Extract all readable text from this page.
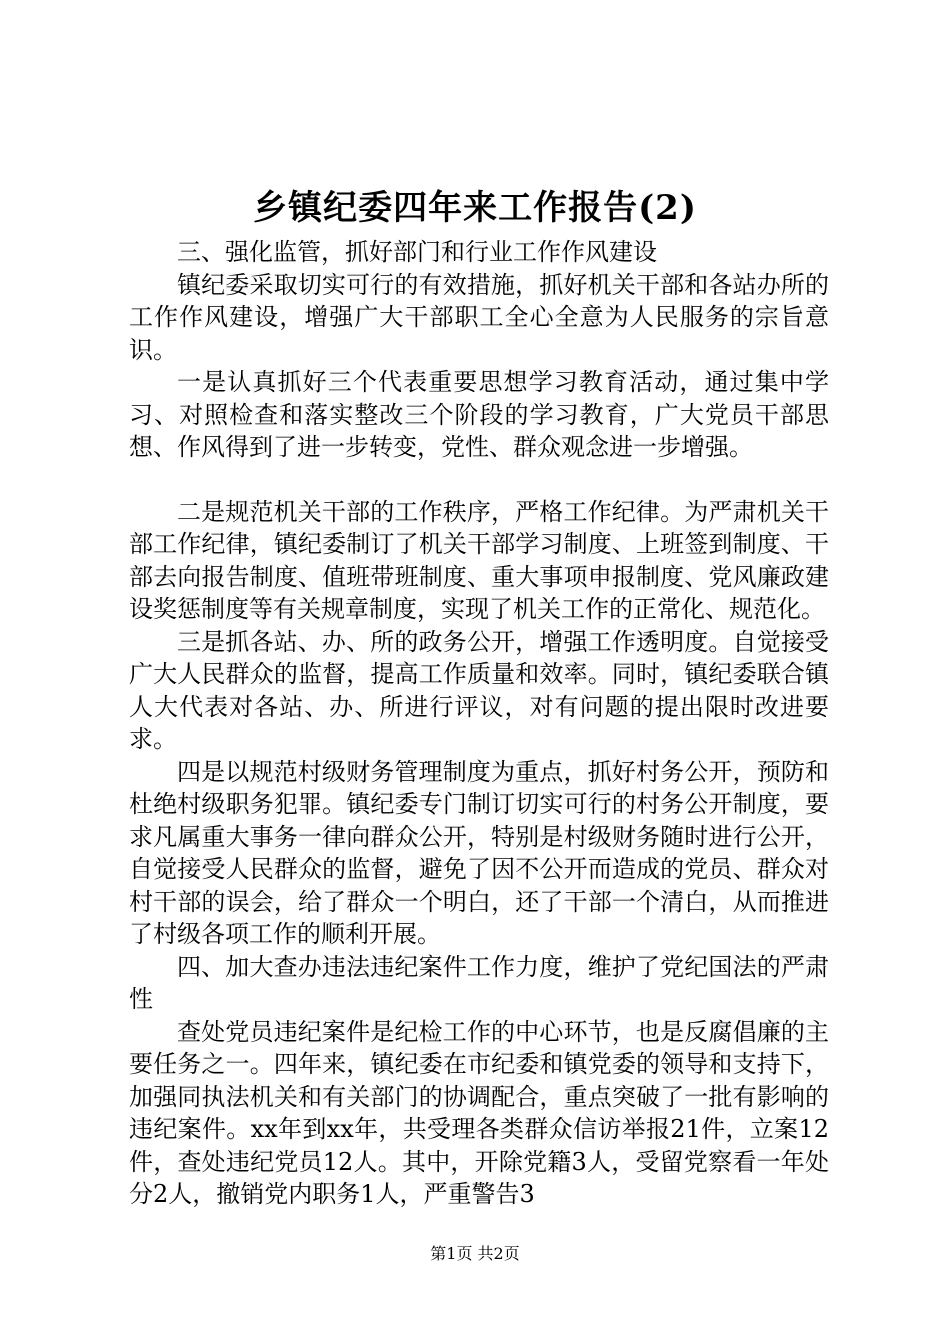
乡镇纪委四年来工作报告(2)

三、强化监管，抓好部门和行业工作作风建设

镇纪委采取切实可行的有效措施，抓好机关干部和各站办所的工作作风建设，增强广大干部职工全心全意为人民服务的宗旨意识。

一是认真抓好三个代表重要思想学习教育活动，通过集中学习、对照检查和落实整改三个阶段的学习教育，广大党员干部思想、作风得到了进一步转变，党性、群众观念进一步增强。

二是规范机关干部的工作秩序，严格工作纪律。为严肃机关干部工作纪律，镇纪委制订了机关干部学习制度、上班签到制度、干部去向报告制度、值班带班制度、重大事项申报制度、党风廉政建设奖惩制度等有关规章制度，实现了机关工作的正常化、规范化。

三是抓各站、办、所的政务公开，增强工作透明度。自觉接受广大人民群众的监督，提高工作质量和效率。同时，镇纪委联合镇人大代表对各站、办、所进行评议，对有问题的提出限时改进要求。

四是以规范村级财务管理制度为重点，抓好村务公开，预防和杜绝村级职务犯罪。镇纪委专门制订切实可行的村务公开制度，要求凡属重大事务一律向群众公开，特别是村级财务随时进行公开，自觉接受人民群众的监督，避免了因不公开而造成的党员、群众对村干部的误会，给了群众一个明白，还了干部一个清白，从而推进了村级各项工作的顺利开展。

四、加大查办违法违纪案件工作力度，维护了党纪国法的严肃性

查处党员违纪案件是纪检工作的中心环节，也是反腐倡廉的主要任务之一。四年来，镇纪委在市纪委和镇党委的领导和支持下，加强同执法机关和有关部门的协调配合，重点突破了一批有影响的违纪案件。xx年到xx年，共受理各类群众信访举报21件，立案12件，查处违纪党员12人。其中，开除党籍3人，受留党察看一年处分2人，撤销党内职务1人，严重警告3

第1页 共2页
